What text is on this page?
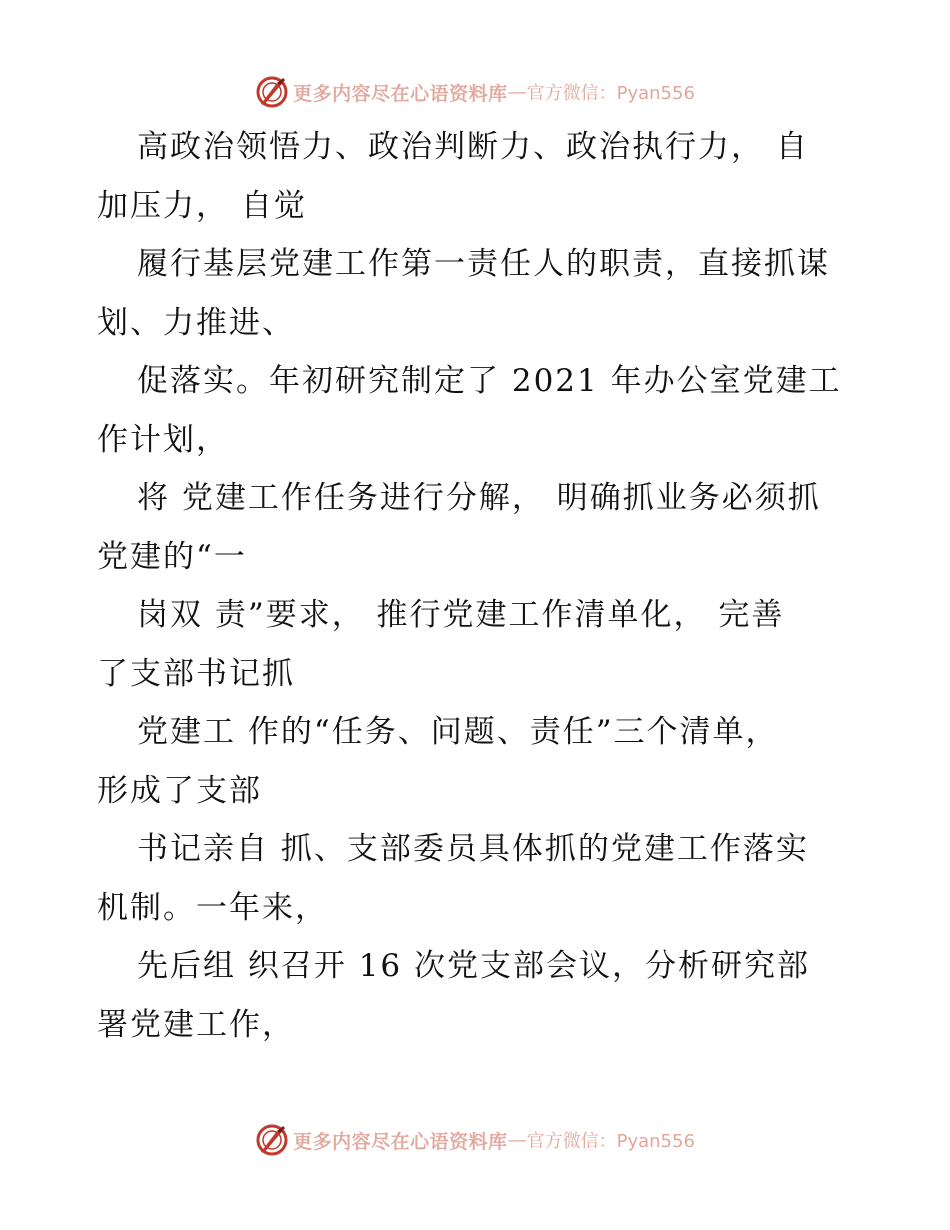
更多内容尽在心语资料库 — 官方微信：Pyan556
高政治领悟力、政治判断力、政治执行力， 自
加压力， 自觉
履行基层党建工作第一责任人的职责，直接抓谋
划、力推进、
促落实。年初研究制定了 2021 年办公室党建工
作计划，
将 党建工作任务进行分解， 明确抓业务必须抓
党建的“一
岗双 责”要求， 推行党建工作清单化， 完善
了支部书记抓
党建工 作的“任务、问题、责任”三个清单，
形成了支部
书记亲自 抓、支部委员具体抓的党建工作落实
机制。一年来，
先后组 织召开 16 次党支部会议，分析研究部
署党建工作，
更多内容尽在心语资料库 — 官方微信：Pyan556
